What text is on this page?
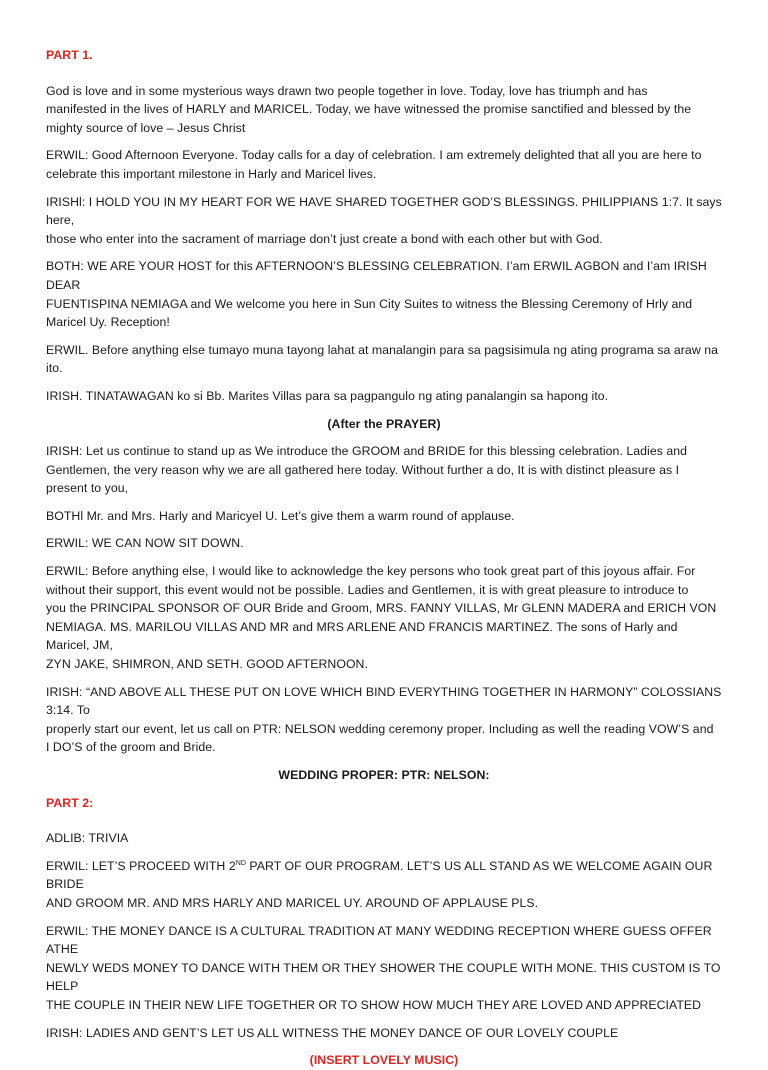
PART 1.

God is love and in some mysterious ways drawn two people together in love. Today, love has triumph and has
manifested in the lives of HARLY and MARICEL. Today, we have witnessed the promise sanctified and blessed by the
mighty source of love – Jesus Christ

ERWIL: Good Afternoon Everyone. Today calls for a day of celebration. I am extremely delighted that all you are here to
celebrate this important milestone in Harly and Maricel lives.

IRISHl: I HOLD YOU IN MY HEART FOR WE HAVE SHARED TOGETHER GOD’S BLESSINGS. PHILIPPIANS 1:7. It says here,
those who enter into the sacrament of marriage don’t just create a bond with each other but with God.

BOTH: WE ARE YOUR HOST for this AFTERNOON’S BLESSING CELEBRATION. I’am ERWIL AGBON and I’am IRISH DEAR
FUENTISPINA NEMIAGA and We welcome you here in Sun City Suites to witness the Blessing Ceremony of Hrly and
Maricel Uy. Reception!

ERWIL. Before anything else tumayo muna tayong lahat at manalangin para sa pagsisimula ng ating programa sa araw na
ito.

IRISH. TINATAWAGAN ko si Bb. Marites Villas para sa pagpangulo ng ating panalangin sa hapong ito.

(After the PRAYER)

IRISH: Let us continue to stand up as We introduce the GROOM and BRIDE for this blessing celebration. Ladies and
Gentlemen, the very reason why we are all gathered here today. Without further a do, It is with distinct pleasure as I
present to you,

BOTHl Mr. and Mrs. Harly and Maricyel U. Let’s give them a warm round of applause.

ERWIL: WE CAN NOW SIT DOWN.

ERWIL: Before anything else, I would like to acknowledge the key persons who took great part of this joyous affair. For
without their support, this event would not be possible. Ladies and Gentlemen, it is with great pleasure to introduce to
you the PRINCIPAL SPONSOR OF OUR Bride and Groom, MRS. FANNY VILLAS, Mr GLENN MADERA and ERICH VON
NEMIAGA. MS. MARILOU VILLAS AND MR and MRS ARLENE AND FRANCIS MARTINEZ. The sons of Harly and Maricel, JM,
ZYN JAKE, SHIMRON, AND SETH. GOOD AFTERNOON.

IRISH: “AND ABOVE ALL THESE PUT ON LOVE WHICH BIND EVERYTHING TOGETHER IN HARMONY” COLOSSIANS 3:14. To
properly start our event, let us call on PTR: NELSON wedding ceremony proper. Including as well the reading VOW’S and
I DO’S of the groom and Bride.

WEDDING PROPER: PTR: NELSON:

PART 2:

ADLIB: TRIVIA

ERWIL: LET’S PROCEED WITH 2ND PART OF OUR PROGRAM. LET’S US ALL STAND AS WE WELCOME AGAIN OUR BRIDE
AND GROOM MR. AND MRS HARLY AND MARICEL UY. AROUND OF APPLAUSE PLS.

ERWIL: THE MONEY DANCE IS A CULTURAL TRADITION AT MANY WEDDING RECEPTION WHERE GUESS OFFER ATHE
NEWLY WEDS MONEY TO DANCE WITH THEM OR THEY SHOWER THE COUPLE WITH MONE. THIS CUSTOM IS TO HELP
THE COUPLE IN THEIR NEW LIFE TOGETHER OR TO SHOW HOW MUCH THEY ARE LOVED AND APPRECIATED

IRISH: LADIES AND GENT’S LET US ALL WITNESS THE MONEY DANCE OF OUR LOVELY COUPLE

(INSERT LOVELY MUSIC)
